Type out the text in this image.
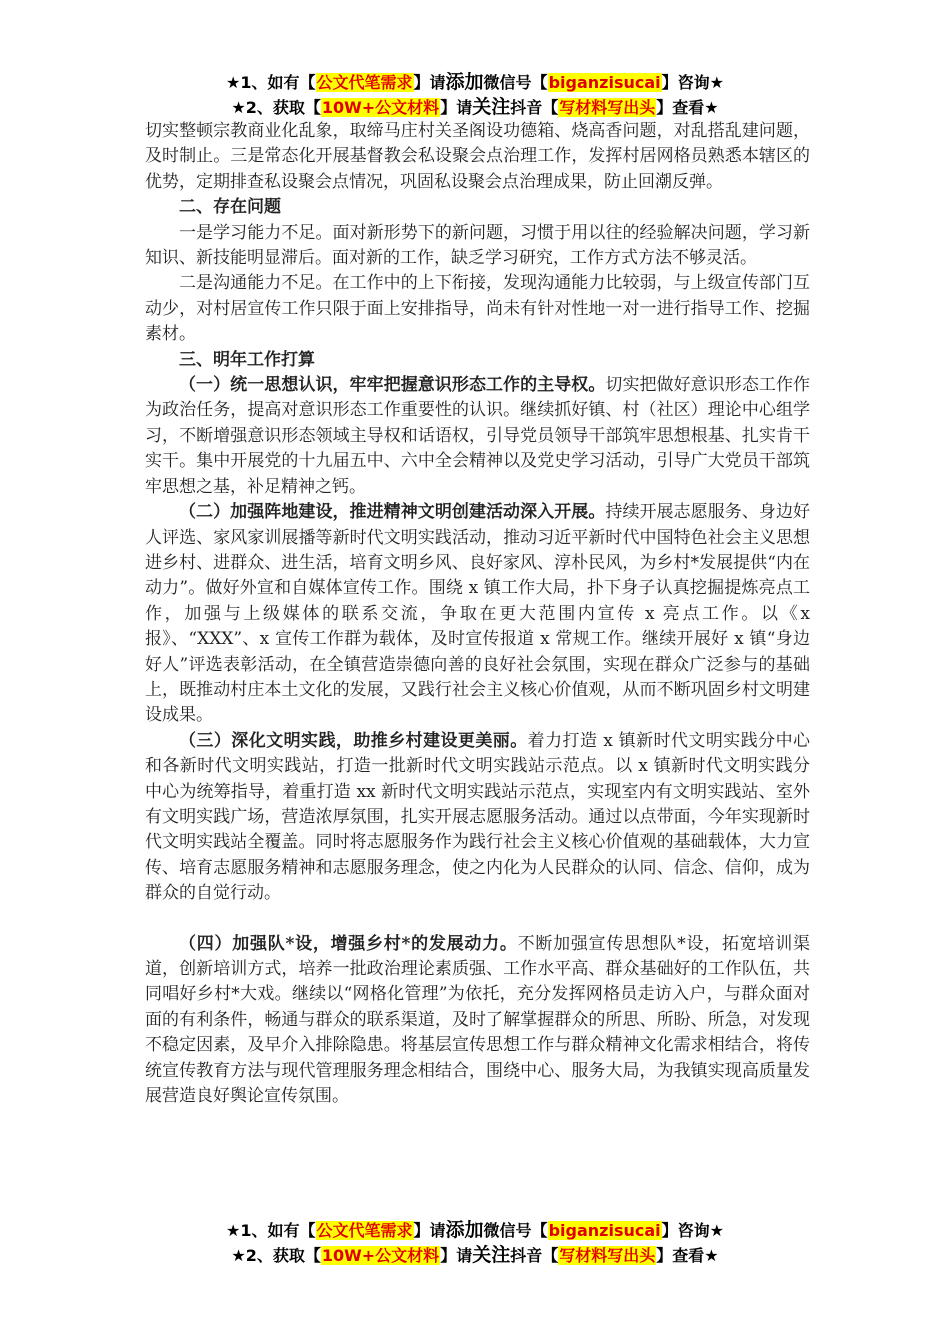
★1、如有【公文代笔需求】请添加微信号【biganzisucai】咨询★
★2、获取【10W+公文材料】请关注抖音【写材料写出头】查看★

切实整顿宗教商业化乱象，取缔马庄村关圣阁设功德箱、烧高香问题，对乱搭乱建问题，及时制止。三是常态化开展基督教会私设聚会点治理工作，发挥村居网格员熟悉本辖区的优势，定期排查私设聚会点情况，巩固私设聚会点治理成果，防止回潮反弹。

二、存在问题

一是学习能力不足。面对新形势下的新问题，习惯于用以往的经验解决问题，学习新知识、新技能明显滞后。面对新的工作，缺乏学习研究，工作方式方法不够灵活。

二是沟通能力不足。在工作中的上下衔接，发现沟通能力比较弱，与上级宣传部门互动少，对村居宣传工作只限于面上安排指导，尚未有针对性地一对一进行指导工作、挖掘素材。

三、明年工作打算

（一）统一思想认识，牢牢把握意识形态工作的主导权。切实把做好意识形态工作作为政治任务，提高对意识形态工作重要性的认识。继续抓好镇、村（社区）理论中心组学习，不断增强意识形态领域主导权和话语权，引导党员领导干部筑牢思想根基、扎实肯干实干。集中开展党的十九届五中、六中全会精神以及党史学习活动，引导广大党员干部筑牢思想之基，补足精神之钙。

（二）加强阵地建设，推进精神文明创建活动深入开展。持续开展志愿服务、身边好人评选、家风家训展播等新时代文明实践活动，推动习近平新时代中国特色社会主义思想进乡村、进群众、进生活，培育文明乡风、良好家风、淳朴民风，为乡村*发展提供“内在动力”。做好外宣和自媒体宣传工作。围绕 x 镇工作大局，扑下身子认真挖掘提炼亮点工作，加强与上级媒体的联系交流，争取在更大范围内宣传 x 亮点工作。以《x 报》、“XXX”、x 宣传工作群为载体，及时宣传报道 x 常规工作。继续开展好 x 镇“身边好人”评选表彰活动，在全镇营造崇德向善的良好社会氛围，实现在群众广泛参与的基础上，既推动村庄本土文化的发展，又践行社会主义核心价值观，从而不断巩固乡村文明建设成果。

（三）深化文明实践，助推乡村建设更美丽。着力打造 x 镇新时代文明实践分中心和各新时代文明实践站，打造一批新时代文明实践站示范点。以 x 镇新时代文明实践分中心为统筹指导，着重打造 xx 新时代文明实践站示范点，实现室内有文明实践站、室外有文明实践广场，营造浓厚氛围，扎实开展志愿服务活动。通过以点带面，今年实现新时代文明实践站全覆盖。同时将志愿服务作为践行社会主义核心价值观的基础载体，大力宣传、培育志愿服务精神和志愿服务理念，使之内化为人民群众的认同、信念、信仰，成为群众的自觉行动。

（四）加强队*设，增强乡村*的发展动力。不断加强宣传思想队*设，拓宽培训渠道，创新培训方式，培养一批政治理论素质强、工作水平高、群众基础好的工作队伍，共同唱好乡村*大戏。继续以“网格化管理”为依托，充分发挥网格员走访入户，与群众面对面的有利条件，畅通与群众的联系渠道，及时了解掌握群众的所思、所盼、所急，对发现不稳定因素，及早介入排除隐患。将基层宣传思想工作与群众精神文化需求相结合，将传统宣传教育方法与现代管理服务理念相结合，围绕中心、服务大局，为我镇实现高质量发展营造良好舆论宣传氛围。

★1、如有【公文代笔需求】请添加微信号【biganzisucai】咨询★
★2、获取【10W+公文材料】请关注抖音【写材料写出头】查看★
